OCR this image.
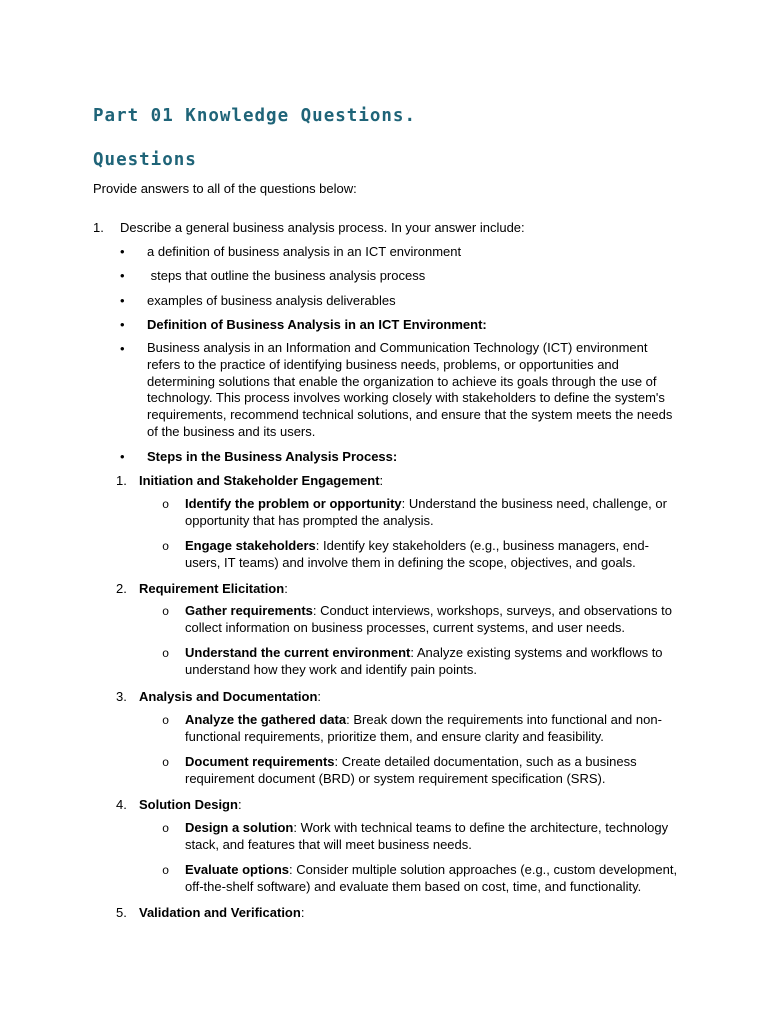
Part 01 Knowledge Questions.
Questions
Provide answers to all of the questions below:
1. Describe a general business analysis process. In your answer include:
• a definition of business analysis in an ICT environment
• steps that outline the business analysis process
• examples of business analysis deliverables
• Definition of Business Analysis in an ICT Environment:
• Business analysis in an Information and Communication Technology (ICT) environment refers to the practice of identifying business needs, problems, or opportunities and determining solutions that enable the organization to achieve its goals through the use of technology. This process involves working closely with stakeholders to define the system's requirements, recommend technical solutions, and ensure that the system meets the needs of the business and its users.
• Steps in the Business Analysis Process:
1. Initiation and Stakeholder Engagement:
o Identify the problem or opportunity: Understand the business need, challenge, or opportunity that has prompted the analysis.
o Engage stakeholders: Identify key stakeholders (e.g., business managers, end-users, IT teams) and involve them in defining the scope, objectives, and goals.
2. Requirement Elicitation:
o Gather requirements: Conduct interviews, workshops, surveys, and observations to collect information on business processes, current systems, and user needs.
o Understand the current environment: Analyze existing systems and workflows to understand how they work and identify pain points.
3. Analysis and Documentation:
o Analyze the gathered data: Break down the requirements into functional and non-functional requirements, prioritize them, and ensure clarity and feasibility.
o Document requirements: Create detailed documentation, such as a business requirement document (BRD) or system requirement specification (SRS).
4. Solution Design:
o Design a solution: Work with technical teams to define the architecture, technology stack, and features that will meet business needs.
o Evaluate options: Consider multiple solution approaches (e.g., custom development, off-the-shelf software) and evaluate them based on cost, time, and functionality.
5. Validation and Verification:
